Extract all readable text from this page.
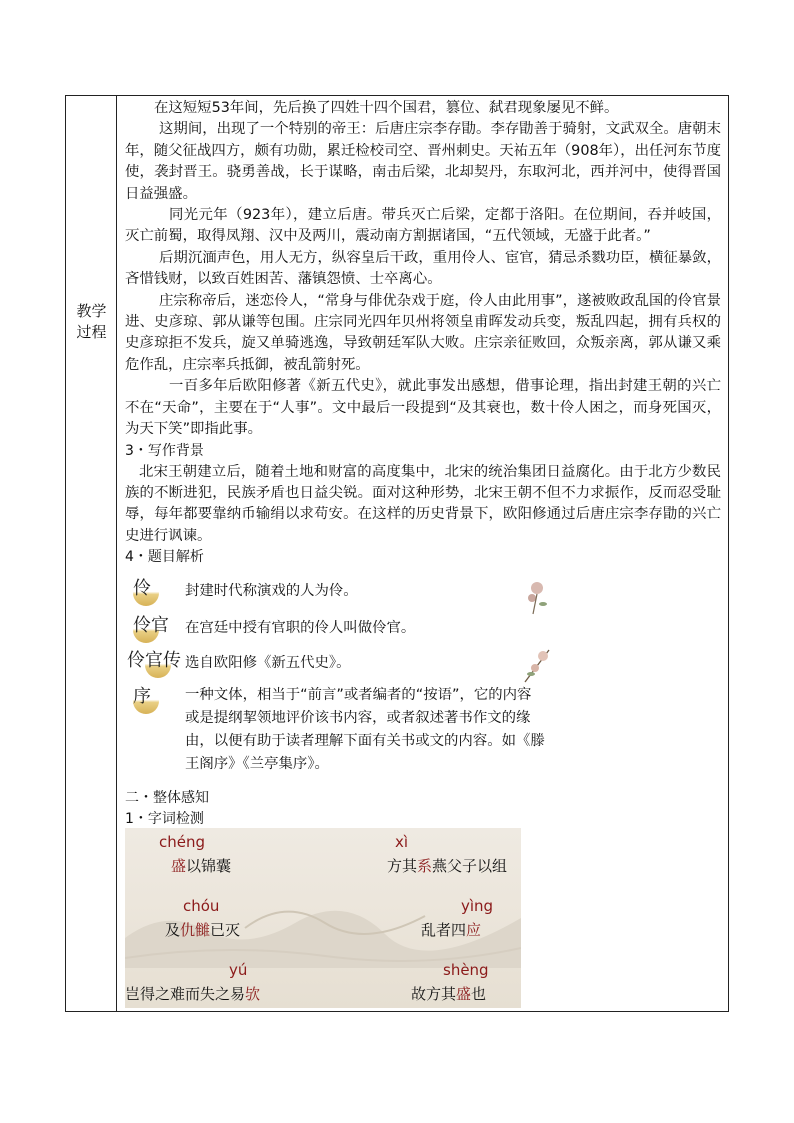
教学
过程

在这短短53年间，先后换了四姓十四个国君，篡位、弑君现象屡见不鲜。

这期间，出现了一个特别的帝王：后唐庄宗李存勖。李存勖善于骑射，文武双全。唐朝末年，随父征战四方，颇有功勋，累迁检校司空、晋州刺史。天祐五年（908年），出任河东节度使，袭封晋王。骁勇善战，长于谋略，南击后梁，北却契丹，东取河北，西并河中，使得晋国日益强盛。

同光元年（923年），建立后唐。带兵灭亡后梁，定都于洛阳。在位期间，吞并岐国，灭亡前蜀，取得凤翔、汉中及两川，震动南方割据诸国，“五代领域，无盛于此者。”

后期沉湎声色，用人无方，纵容皇后干政，重用伶人、宦官，猜忌杀戮功臣，横征暴敛，吝惜钱财，以致百姓困苦、藩镇怨愤、士卒离心。

庄宗称帝后，迷恋伶人，“常身与俳优杂戏于庭，伶人由此用事”，遂被败政乱国的伶官景进、史彦琼、郭从谦等包围。庄宗同光四年贝州将领皇甫晖发动兵变，叛乱四起，拥有兵权的史彦琼拒不发兵，旋又单骑逃逸，导致朝廷军队大败。庄宗亲征败回，众叛亲离，郭从谦又乘危作乱，庄宗率兵抵御，被乱箭射死。

一百多年后欧阳修著《新五代史》，就此事发出感想，借事论理，指出封建王朝的兴亡不在“天命”，主要在于“人事”。文中最后一段提到“及其衰也，数十伶人困之，而身死国灭，为天下笑”即指此事。

3・写作背景

北宋王朝建立后，随着土地和财富的高度集中，北宋的统治集团日益腐化。由于北方少数民族的不断进犯，民族矛盾也日益尖锐。面对这种形势，北宋王朝不但不力求振作，反而忍受耻辱，每年都要靠纳币输绢以求苟安。在这样的历史背景下，欧阳修通过后唐庄宗李存勖的兴亡史进行讽谏。

4・题目解析

伶 封建时代称演戏的人为伶。
伶官 在宫廷中授有官职的伶人叫做伶官。
伶官传 选自欧阳修《新五代史》。
序 一种文体，相当于“前言”或者编者的“按语”，它的内容或是提纲挈领地评价该书内容，或者叙述著书作文的缘由，以便有助于读者理解下面有关书或文的内容。如《滕王阁序》《兰亭集序》。

二・整体感知

1・字词检测

chéng
盛以锦囊
xì
方其系燕父子以组
chóu
及仇雠已灭
yìng
乱者四应
yú
岂得之难而失之易欤
shèng
故方其盛也
